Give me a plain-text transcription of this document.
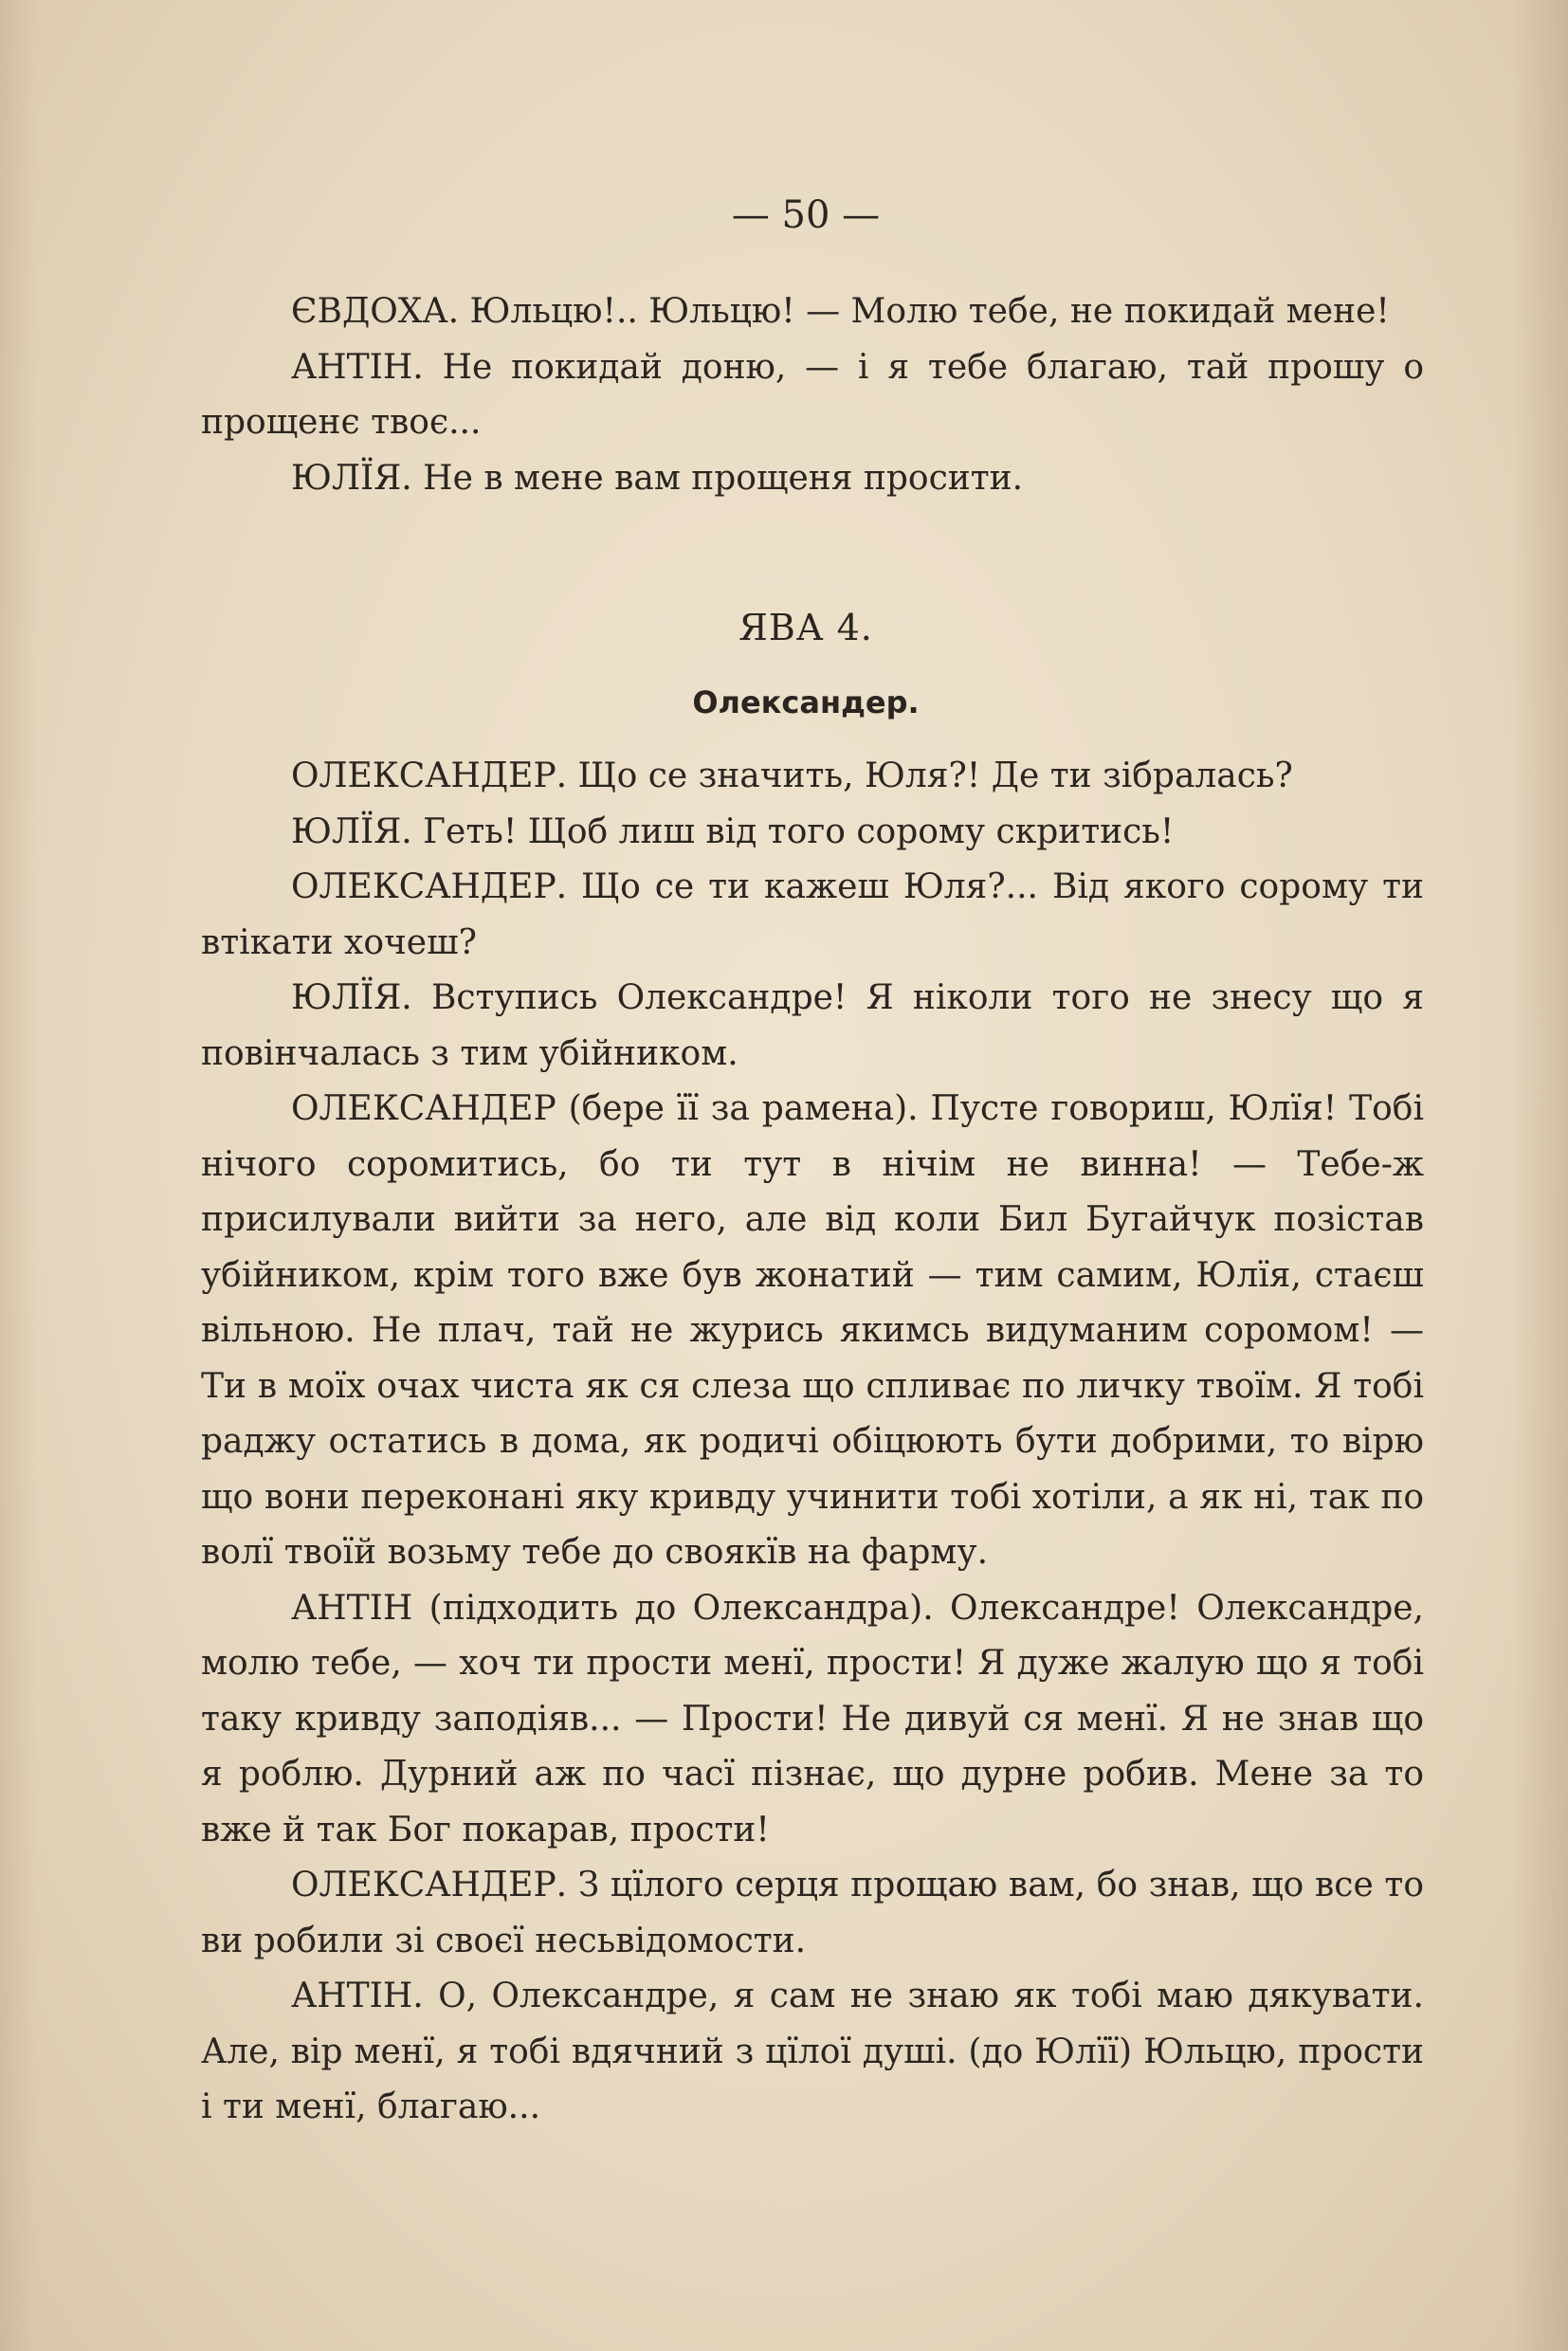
— 50 —

ЄВДОХА. Юльцю!.. Юльцю! — Молю тебе, не покидай мене!

АНТІН. Не покидай доню, — і я тебе благаю, тай прошу о прощенє твоє...

ЮЛЇЯ. Не в мене вам прощеня просити.

ЯВА 4.
Олександер.

ОЛЕКСАНДЕР. Що се значить, Юля?! Де ти зібралась?

ЮЛЇЯ. Геть! Щоб лиш від того сорому скритись!

ОЛЕКСАНДЕР. Що се ти кажеш Юля?... Від якого сорому ти втікати хочеш?

ЮЛЇЯ. Вступись Олександре! Я ніколи того не знесу що я повінчалась з тим убійником.

ОЛЕКСАНДЕР (бере її за рамена). Пусте говориш, Юлїя! Тобі нічого соромитись, бо ти тут в нічім не винна! — Тебе-ж присилували вийти за него, але від коли Бил Бугайчук позістав убійником, крім того вже був жонатий — тим самим, Юлїя, стаєш вільною. Не плач, тай не журись якимсь видуманим соромом! — Ти в моїх очах чиста як ся слеза що спливає по личку твоїм. Я тобі раджу остатись в дома, як родичі обіцюють бути добрими, то вірю що вони переконані яку кривду учинити тобі хотіли, а як ні, так по волї твоїй возьму тебе до своякїв на фарму.

АНТІН (підходить до Олександра). Олександре! Олександре, молю тебе, — хоч ти прости менї, прости! Я дуже жалую що я тобі таку кривду заподіяв... — Прости! Не дивуй ся менї. Я не знав що я роблю. Дурний аж по часї пізнає, що дурне робив. Мене за то вже й так Бог покарав, прости!

ОЛЕКСАНДЕР. З цїлого серця прощаю вам, бо знав, що все то ви робили зі своєї несьвідомости.

АНТІН. О, Олександре, я сам не знаю як тобі маю дякувати. Але, вір менї, я тобі вдячний з цїлої душі. (до Юлїї) Юльцю, прости і ти менї, благаю...
